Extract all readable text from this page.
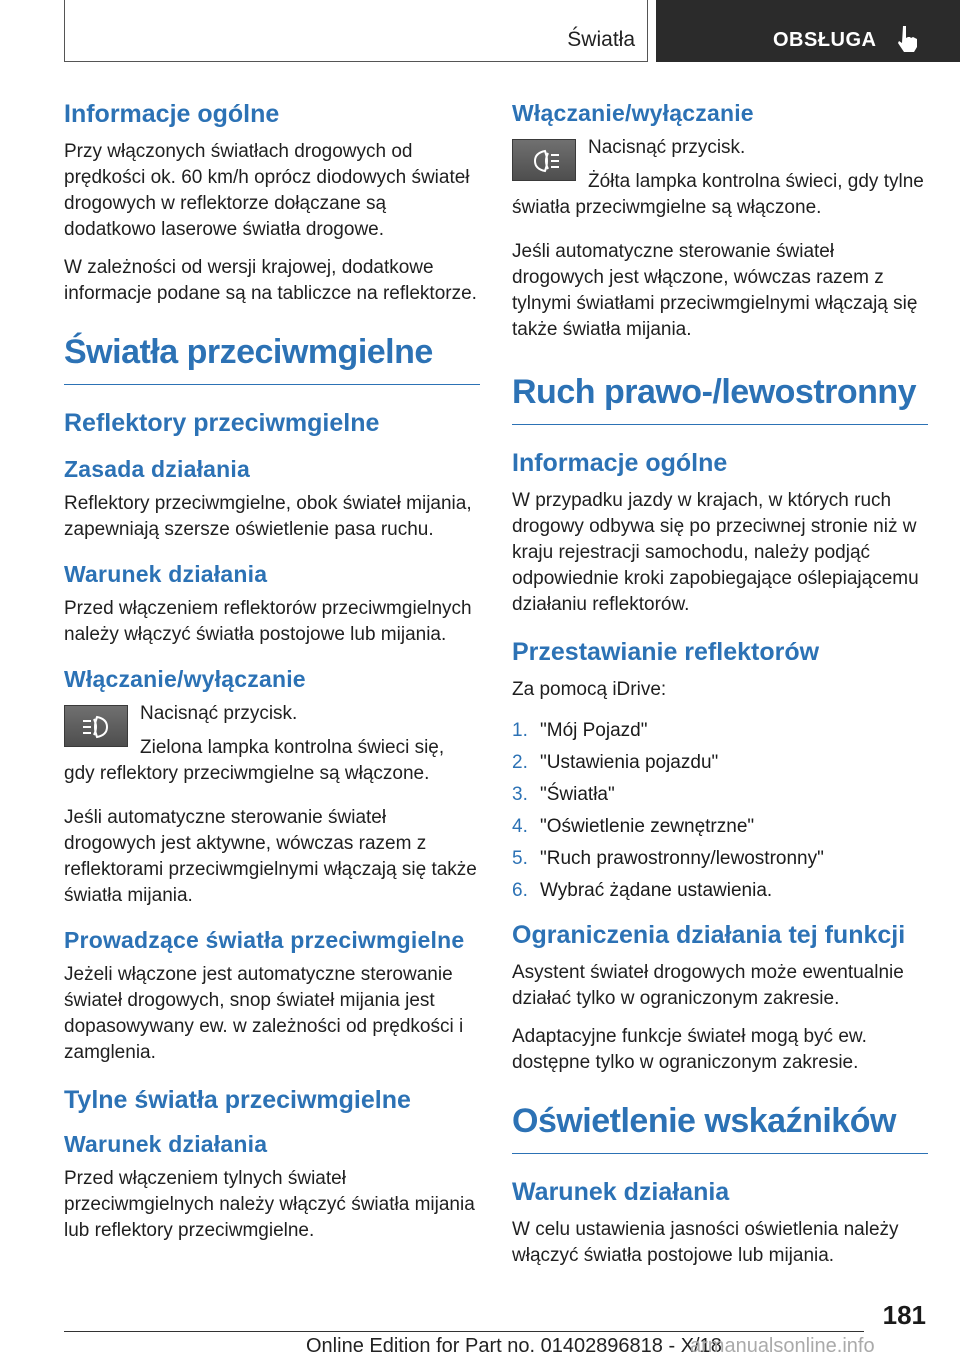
Światła	OBSŁUGA
Informacje ogólne

Przy włączonych światłach drogowych od prędkości ok. 60 km/h oprócz diodowych świateł drogowych w reflektorze dołączane są dodatkowo laserowe światła drogowe.

W zależności od wersji krajowej, dodatkowe informacje podane są na tabliczce na reflektorze.

Światła przeciwmgielne
Reflektory przeciwmgielne
Zasada działania

Reflektory przeciwmgielne, obok świateł mijania, zapewniają szersze oświetlenie pasa ruchu.

Warunek działania

Przed włączeniem reflektorów przeciwmgielnych należy włączyć światła postojowe lub mijania.

Włączanie/wyłączanie

Nacisnąć przycisk.

Zielona lampka kontrolna świeci się, gdy reflektory przeciwmgielne są włączone.

Jeśli automatyczne sterowanie świateł drogowych jest aktywne, wówczas razem z reflektorami przeciwmgielnymi włączają się także światła mijania.

Prowadzące światła przeciwmgielne

Jeżeli włączone jest automatyczne sterowanie świateł drogowych, snop świateł mijania jest dopasowywany ew. w zależności od prędkości i zamglenia.

Tylne światła przeciwmgielne
Warunek działania

Przed włączeniem tylnych świateł przeciwmgielnych należy włączyć światła mijania lub reflektory przeciwmgielne.

Włączanie/wyłączanie

Nacisnąć przycisk.

Żółta lampka kontrolna świeci, gdy tylne światła przeciwmgielne są włączone.

Jeśli automatyczne sterowanie świateł drogowych jest włączone, wówczas razem z tylnymi światłami przeciwmgielnymi włączają się także światła mijania.

Ruch prawo-/lewostronny
Informacje ogólne

W przypadku jazdy w krajach, w których ruch drogowy odbywa się po przeciwnej stronie niż w kraju rejestracji samochodu, należy podjąć odpowiednie kroki zapobiegające oślepiającemu działaniu reflektorów.

Przestawianie reflektorów

Za pomocą iDrive:

1. "Mój Pojazd"
2. "Ustawienia pojazdu"
3. "Światła"
4. "Oświetlenie zewnętrzne"
5. "Ruch prawostronny/lewostronny"
6. Wybrać żądane ustawienia.
Ograniczenia działania tej funkcji

Asystent świateł drogowych może ewentualnie działać tylko w ograniczonym zakresie.

Adaptacyjne funkcje świateł mogą być ew. dostępne tylko w ograniczonym zakresie.

Oświetlenie wskaźników
Warunek działania

W celu ustawienia jasności oświetlenia należy włączyć światła postojowe lub mijania.

181
Online Edition for Part no. 01402896818 - X/18
armanualsonline.info
